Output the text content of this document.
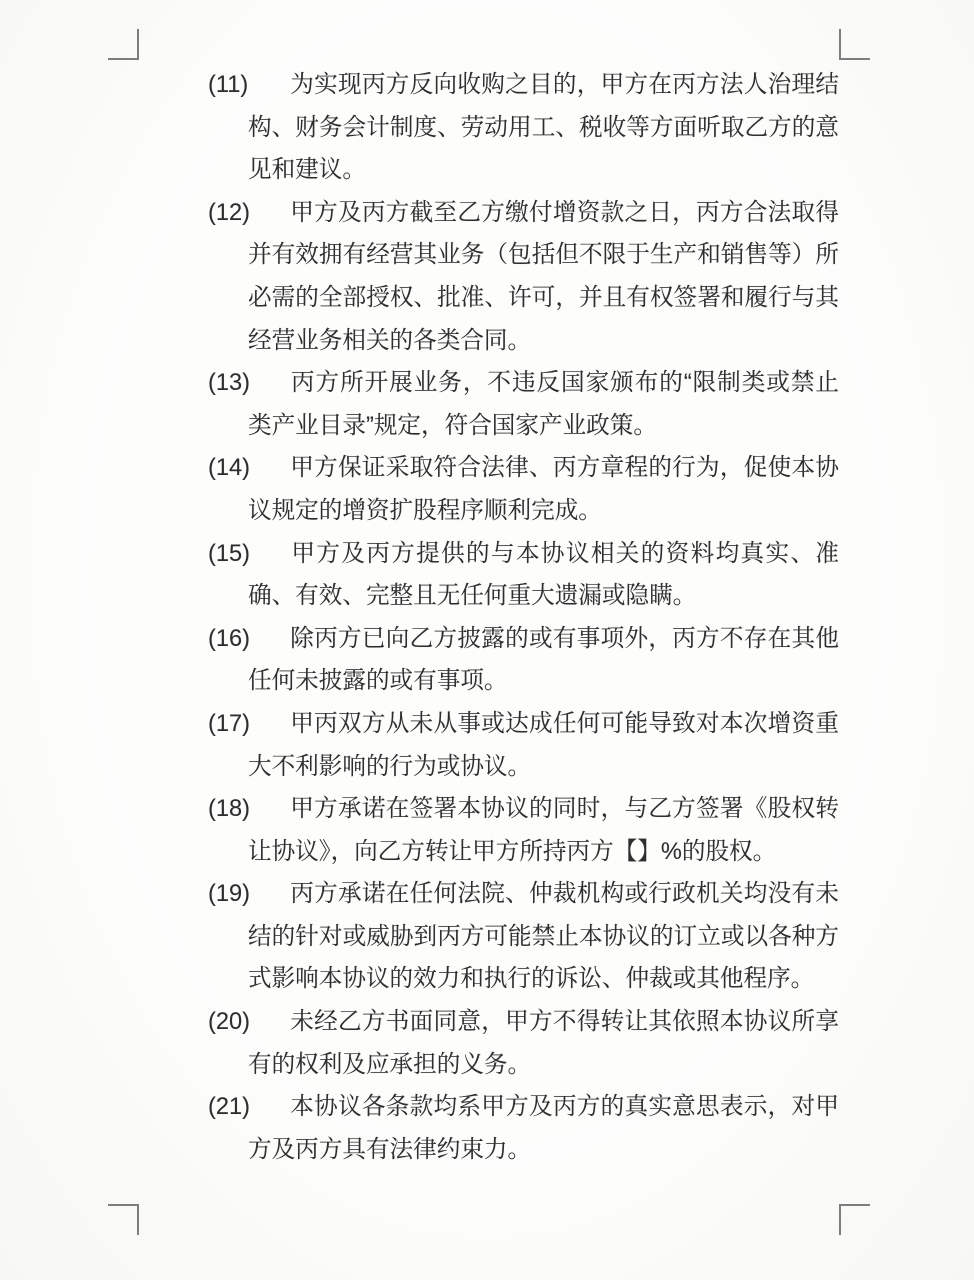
(11) 为实现丙方反向收购之目的，甲方在丙方法人治理结构、财务会计制度、劳动用工、税收等方面听取乙方的意见和建议。
(12) 甲方及丙方截至乙方缴付增资款之日，丙方合法取得并有效拥有经营其业务（包括但不限于生产和销售等）所必需的全部授权、批准、许可，并且有权签署和履行与其经营业务相关的各类合同。
(13) 丙方所开展业务，不违反国家颁布的“限制类或禁止类产业目录”规定，符合国家产业政策。
(14) 甲方保证采取符合法律、丙方章程的行为，促使本协议规定的增资扩股程序顺利完成。
(15) 甲方及丙方提供的与本协议相关的资料均真实、准确、有效、完整且无任何重大遗漏或隐瞒。
(16) 除丙方已向乙方披露的或有事项外，丙方不存在其他任何未披露的或有事项。
(17) 甲丙双方从未从事或达成任何可能导致对本次增资重大不利影响的行为或协议。
(18) 甲方承诺在签署本协议的同时，与乙方签署《股权转让协议》，向乙方转让甲方所持丙方【】%的股权。
(19) 丙方承诺在任何法院、仲裁机构或行政机关均没有未结的针对或威胁到丙方可能禁止本协议的订立或以各种方式影响本协议的效力和执行的诉讼、仲裁或其他程序。
(20) 未经乙方书面同意，甲方不得转让其依照本协议所享有的权利及应承担的义务。
(21) 本协议各条款均系甲方及丙方的真实意思表示，对甲方及丙方具有法律约束力。
